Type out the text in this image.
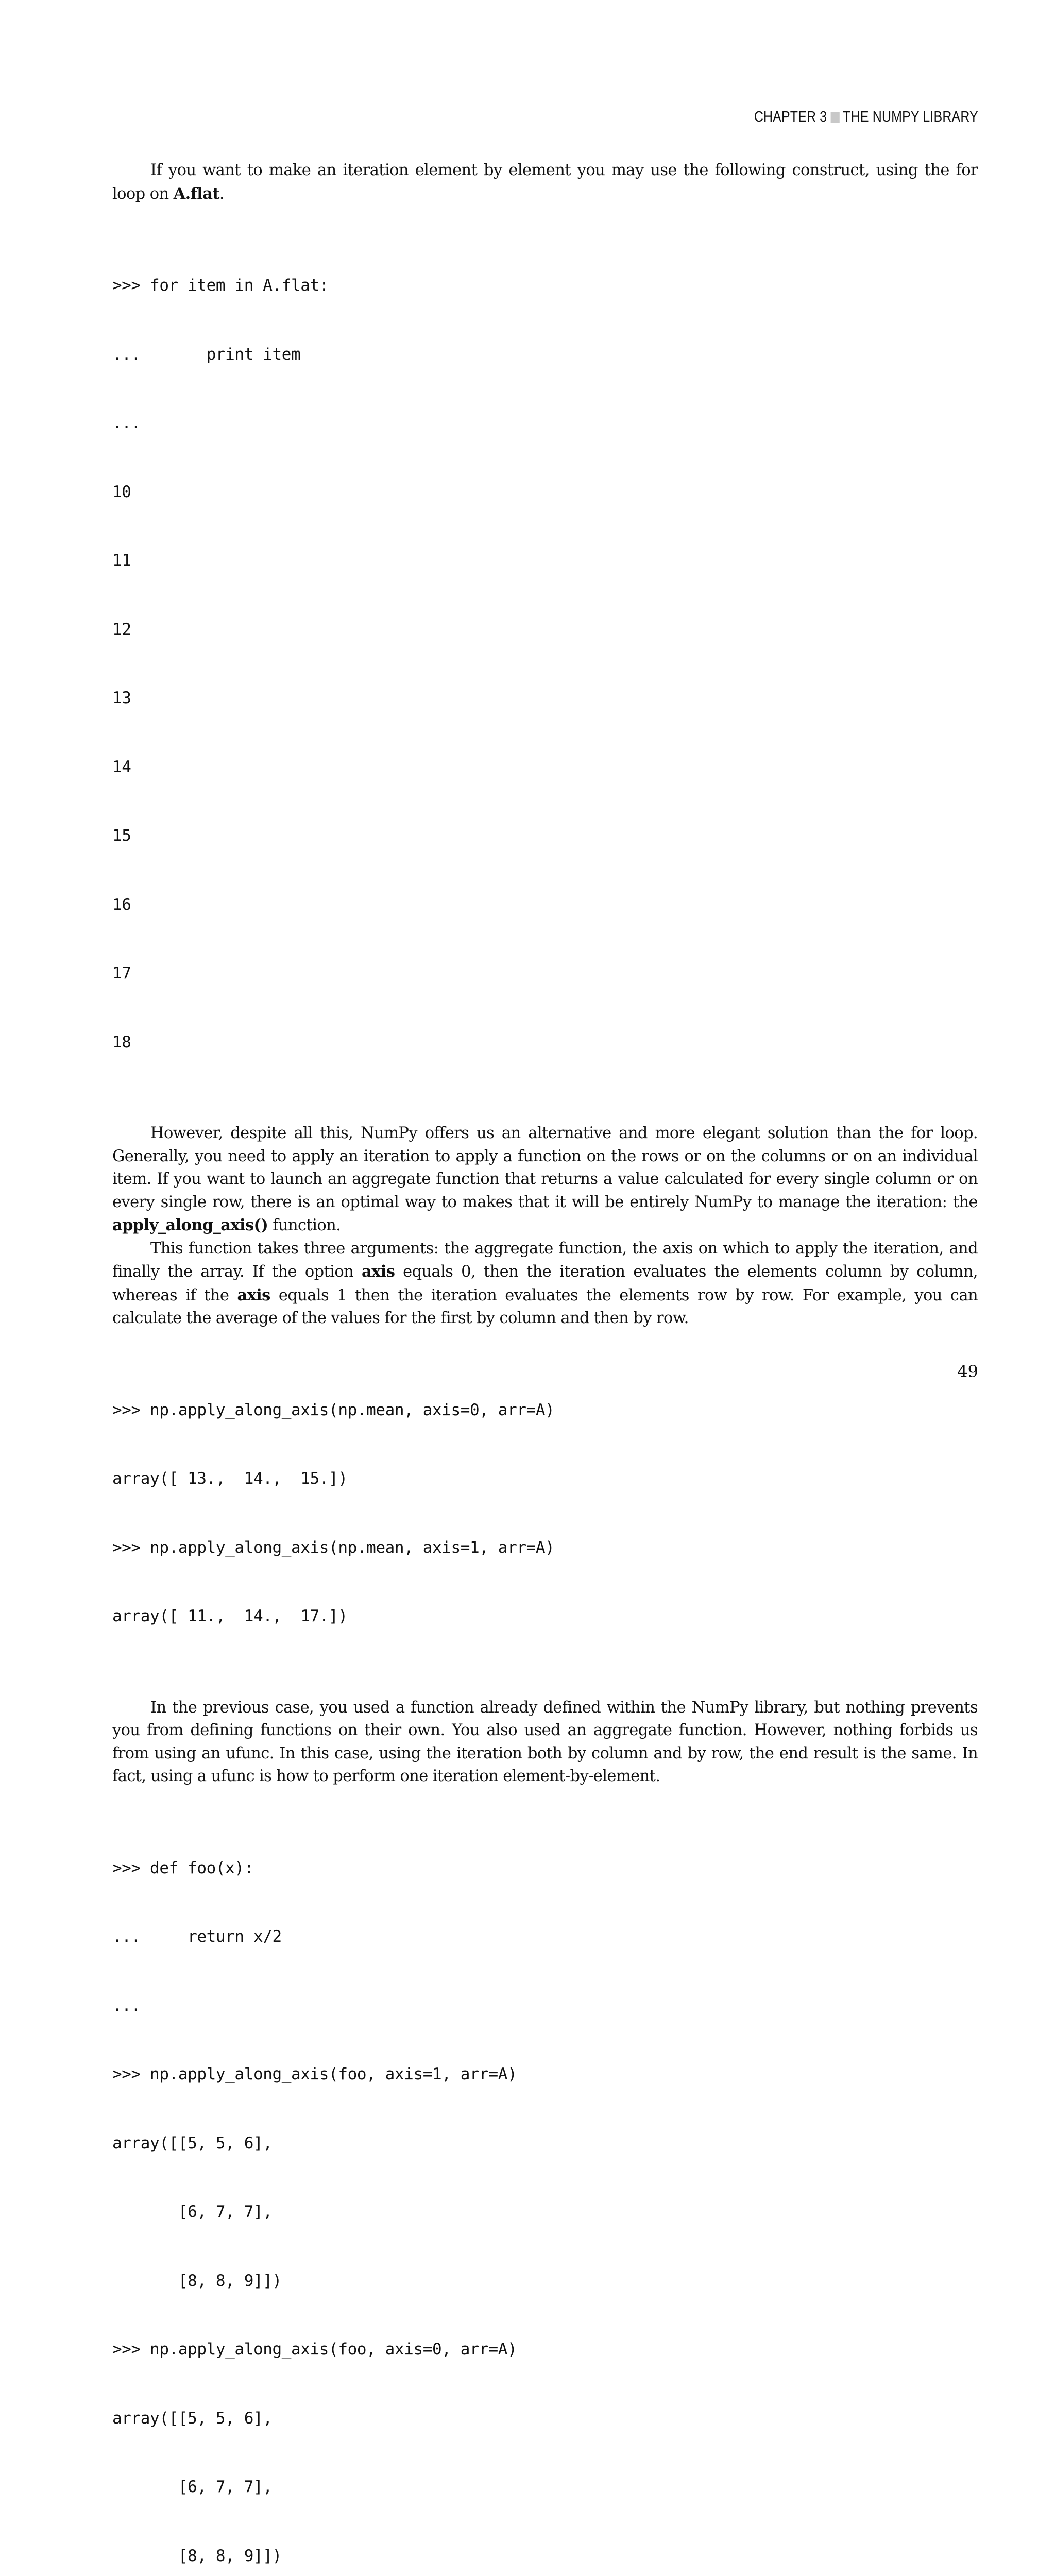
CHAPTER 3 THE NUMPY LIBRARY

If you want to make an iteration element by element you may use the following construct, using the for loop on A.flat.

>>> for item in A.flat:

...       print item

...

10

11

12

13

14

15

16

17

18

However, despite all this, NumPy offers us an alternative and more elegant solution than the for loop. Generally, you need to apply an iteration to apply a function on the rows or on the columns or on an individual item. If you want to launch an aggregate function that returns a value calculated for every single column or on every single row, there is an optimal way to makes that it will be entirely NumPy to manage the iteration: the apply_along_axis() function.

This function takes three arguments: the aggregate function, the axis on which to apply the iteration, and finally the array. If the option axis equals 0, then the iteration evaluates the elements column by column, whereas if the axis equals 1 then the iteration evaluates the elements row by row. For example, you can calculate the average of the values for the first by column and then by row.

>>> np.apply_along_axis(np.mean, axis=0, arr=A)

array([ 13.,  14.,  15.])

>>> np.apply_along_axis(np.mean, axis=1, arr=A)

array([ 11.,  14.,  17.])

In the previous case, you used a function already defined within the NumPy library, but nothing prevents you from defining functions on their own. You also used an aggregate function. However, nothing forbids us from using an ufunc. In this case, using the iteration both by column and by row, the end result is the same. In fact, using a ufunc is how to perform one iteration element-by-element.

>>> def foo(x):

...     return x/2

...

>>> np.apply_along_axis(foo, axis=1, arr=A)

array([[5, 5, 6],

[6, 7, 7],

[8, 8, 9]])

>>> np.apply_along_axis(foo, axis=0, arr=A)

array([[5, 5, 6],

[6, 7, 7],

[8, 8, 9]])

49
